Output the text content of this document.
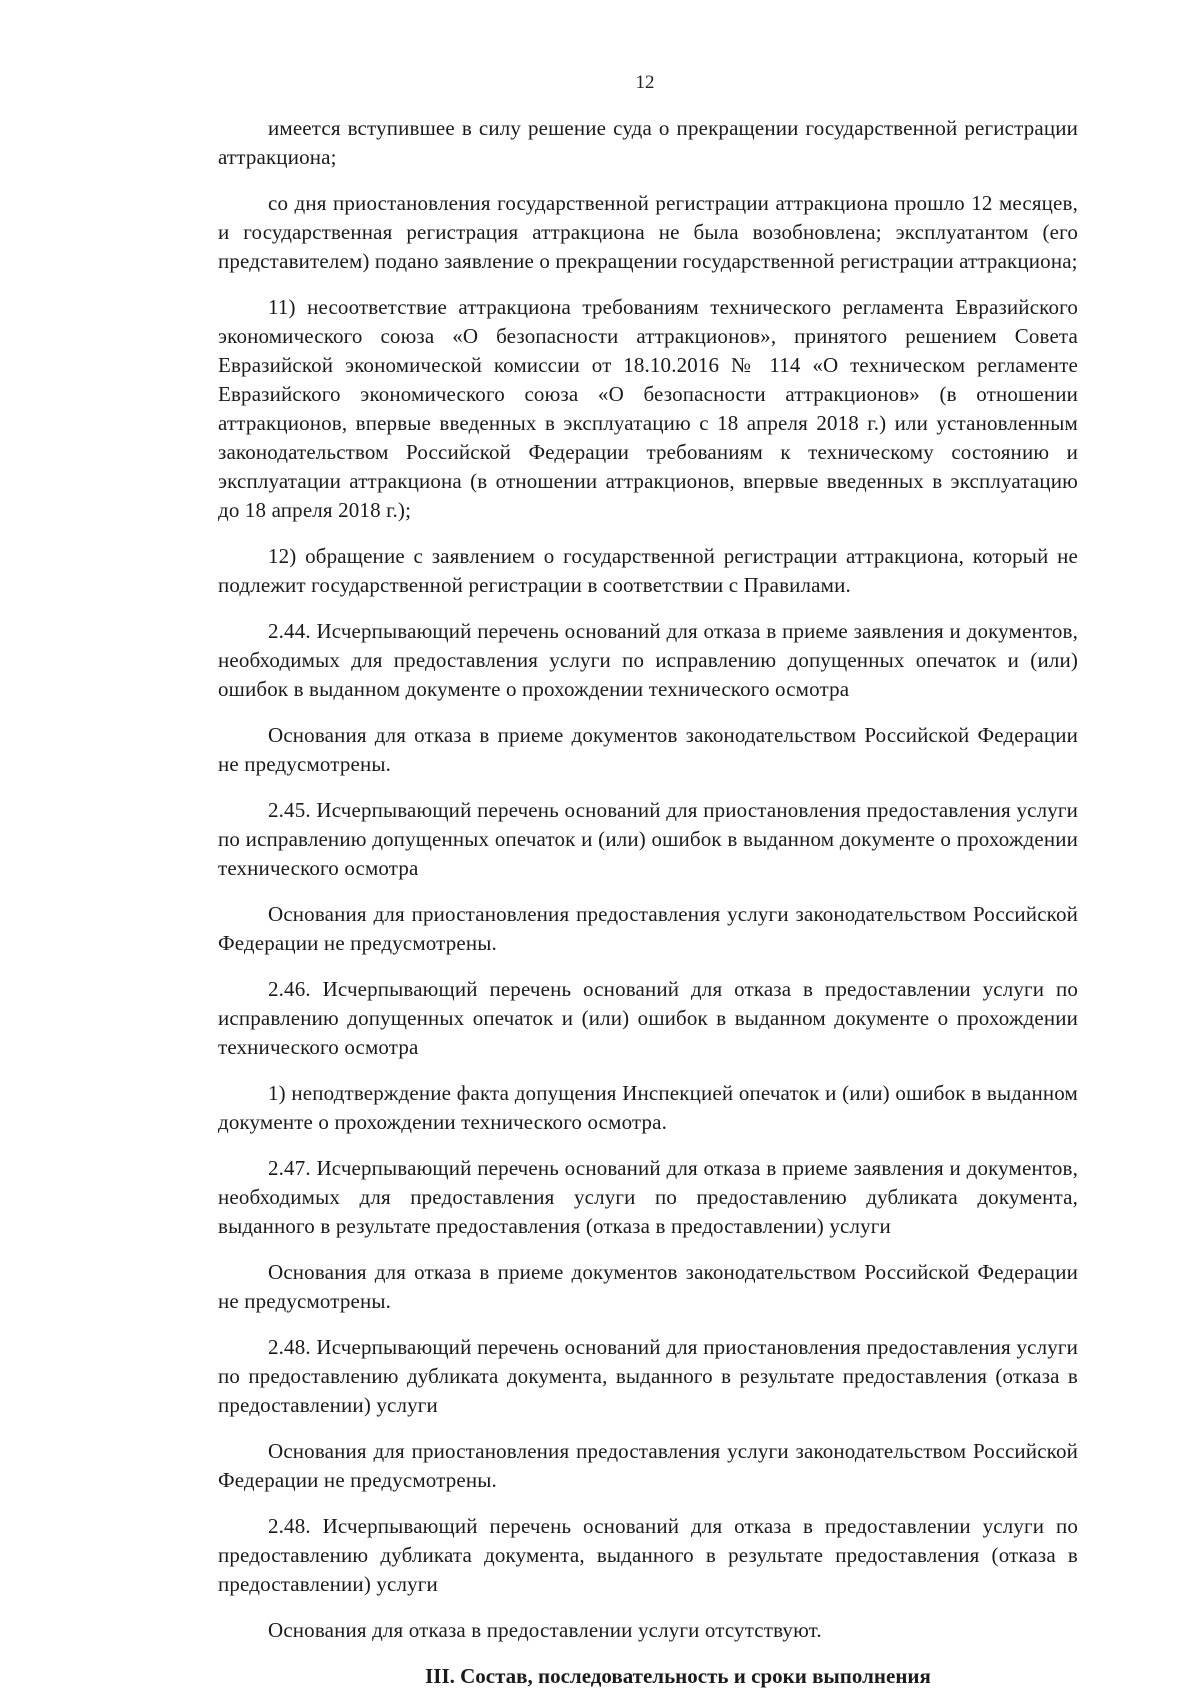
12

имеется вступившее в силу решение суда о прекращении государственной регистрации аттракциона;

со дня приостановления государственной регистрации аттракциона прошло 12 месяцев, и государственная регистрация аттракциона не была возобновлена; эксплуатантом (его представителем) подано заявление о прекращении государственной регистрации аттракциона;

11) несоответствие аттракциона требованиям технического регламента Евразийского экономического союза «О безопасности аттракционов», принятого решением Совета Евразийской экономической комиссии от 18.10.2016 № 114 «О техническом регламенте Евразийского экономического союза «О безопасности аттракционов» (в отношении аттракционов, впервые введенных в эксплуатацию с 18 апреля 2018 г.) или установленным законодательством Российской Федерации требованиям к техническому состоянию и эксплуатации аттракциона (в отношении аттракционов, впервые введенных в эксплуатацию до 18 апреля 2018 г.);

12) обращение с заявлением о государственной регистрации аттракциона, который не подлежит государственной регистрации в соответствии с Правилами.

2.44. Исчерпывающий перечень оснований для отказа в приеме заявления и документов, необходимых для предоставления услуги по исправлению допущенных опечаток и (или) ошибок в выданном документе о прохождении технического осмотра

Основания для отказа в приеме документов законодательством Российской Федерации не предусмотрены.

2.45. Исчерпывающий перечень оснований для приостановления предоставления услуги по исправлению допущенных опечаток и (или) ошибок в выданном документе о прохождении технического осмотра

Основания для приостановления предоставления услуги законодательством Российской Федерации не предусмотрены.

2.46. Исчерпывающий перечень оснований для отказа в предоставлении услуги по исправлению допущенных опечаток и (или) ошибок в выданном документе о прохождении технического осмотра

1) неподтверждение факта допущения Инспекцией опечаток и (или) ошибок в выданном документе о прохождении технического осмотра.

2.47. Исчерпывающий перечень оснований для отказа в приеме заявления и документов, необходимых для предоставления услуги по предоставлению дубликата документа, выданного в результате предоставления (отказа в предоставлении) услуги

Основания для отказа в приеме документов законодательством Российской Федерации не предусмотрены.

2.48. Исчерпывающий перечень оснований для приостановления предоставления услуги по предоставлению дубликата документа, выданного в результате предоставления (отказа в предоставлении) услуги

Основания для приостановления предоставления услуги законодательством Российской Федерации не предусмотрены.

2.48. Исчерпывающий перечень оснований для отказа в предоставлении услуги по предоставлению дубликата документа, выданного в результате предоставления (отказа в предоставлении) услуги

Основания для отказа в предоставлении услуги отсутствуют.

III. Состав, последовательность и сроки выполнения
